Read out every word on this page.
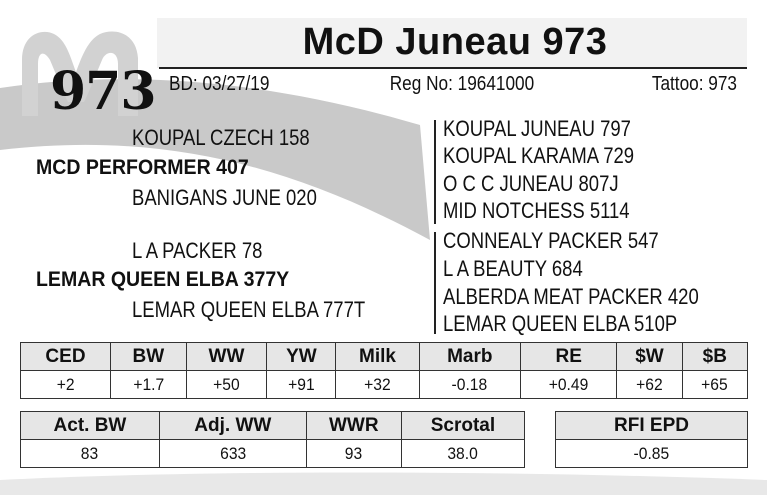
973
McD Juneau 973
BD: 03/27/19	Reg No: 19641000	Tattoo: 973
KOUPAL CZECH 158
MCD PERFORMER 407
BANIGANS JUNE 020
L A PACKER 78
LEMAR QUEEN ELBA 377Y
LEMAR QUEEN ELBA 777T
KOUPAL JUNEAU 797
KOUPAL KARAMA 729
O C C JUNEAU 807J
MID NOTCHESS 5114
CONNEALY PACKER 547
L A BEAUTY 684
ALBERDA MEAT PACKER 420
LEMAR QUEEN ELBA 510P
CED	BW	WW	YW	Milk	Marb	RE	$W	$B
+2	+1.7	+50	+91	+32	-0.18	+0.49	+62	+65
Act. BW	Adj. WW	WWR	Scrotal
83	633	93	38.0
RFI EPD
-0.85
